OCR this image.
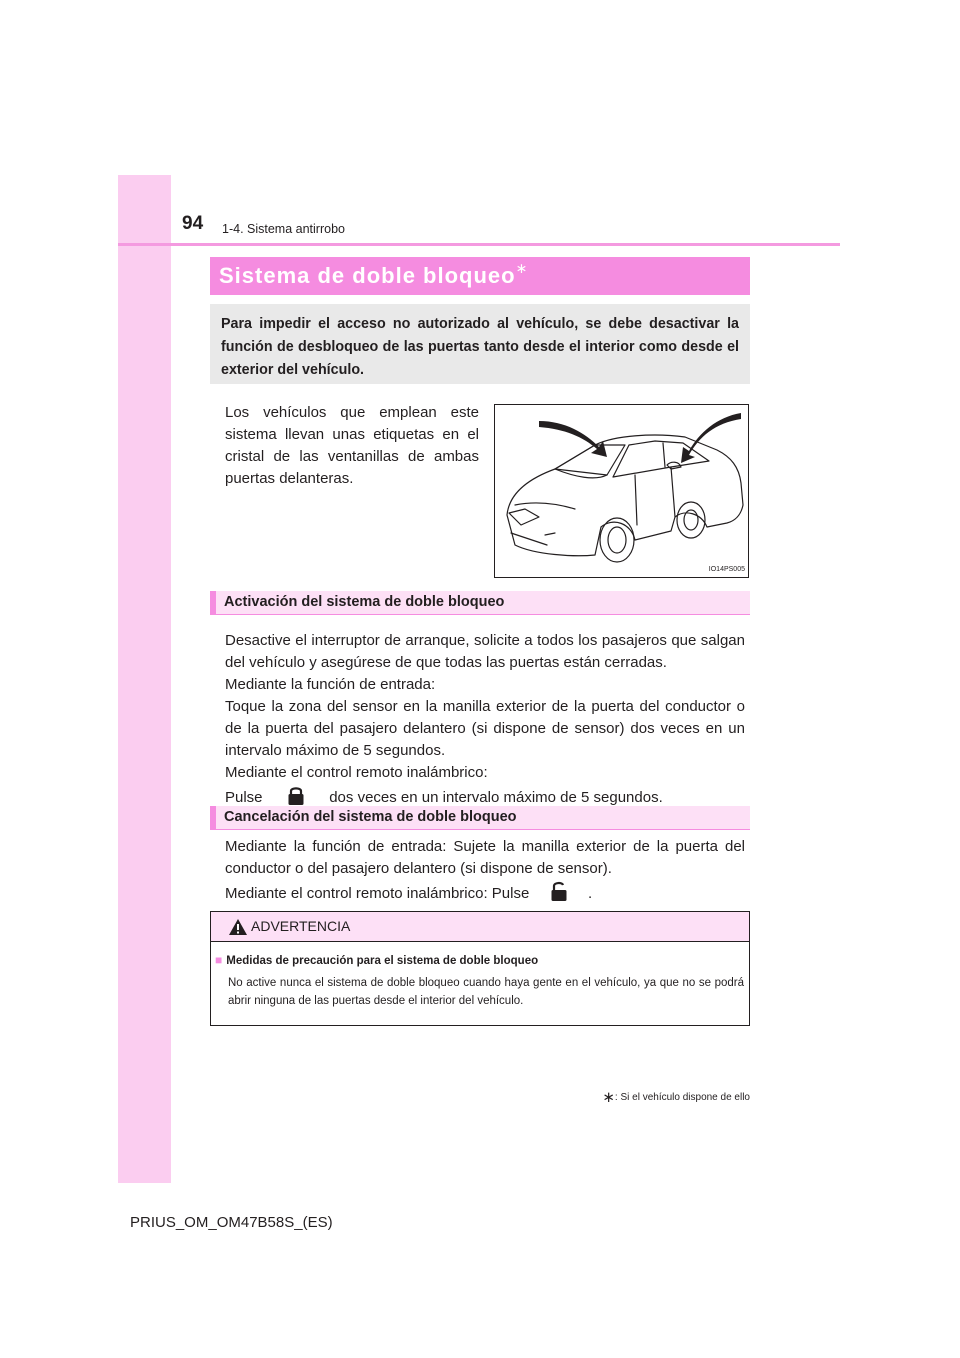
94 1-4. Sistema antirrobo
Sistema de doble bloqueo∗
Para impedir el acceso no autorizado al vehículo, se debe desactivar la función de desbloqueo de las puertas tanto desde el interior como desde el exterior del vehículo.
Los vehículos que emplean este sistema llevan unas etiquetas en el cristal de las ventanillas de ambas puertas delanteras.
IO14PS005
Activación del sistema de doble bloqueo
Desactive el interruptor de arranque, solicite a todos los pasajeros que salgan del vehículo y asegúrese de que todas las puertas están cerradas.
Mediante la función de entrada:
Toque la zona del sensor en la manilla exterior de la puerta del conductor o de la puerta del pasajero delantero (si dispone de sensor) dos veces en un intervalo máximo de 5 segundos.
Mediante el control remoto inalámbrico:
Pulse	dos veces en un intervalo máximo de 5 segundos.
Cancelación del sistema de doble bloqueo
Mediante la función de entrada: Sujete la manilla exterior de la puerta del conductor o del pasajero delantero (si dispone de sensor).
Mediante el control remoto inalámbrico: Pulse	.
ADVERTENCIA
■ Medidas de precaución para el sistema de doble bloqueo
No active nunca el sistema de doble bloqueo cuando haya gente en el vehículo, ya que no se podrá abrir ninguna de las puertas desde el interior del vehículo.
∗: Si el vehículo dispone de ello
PRIUS_OM_OM47B58S_(ES)
